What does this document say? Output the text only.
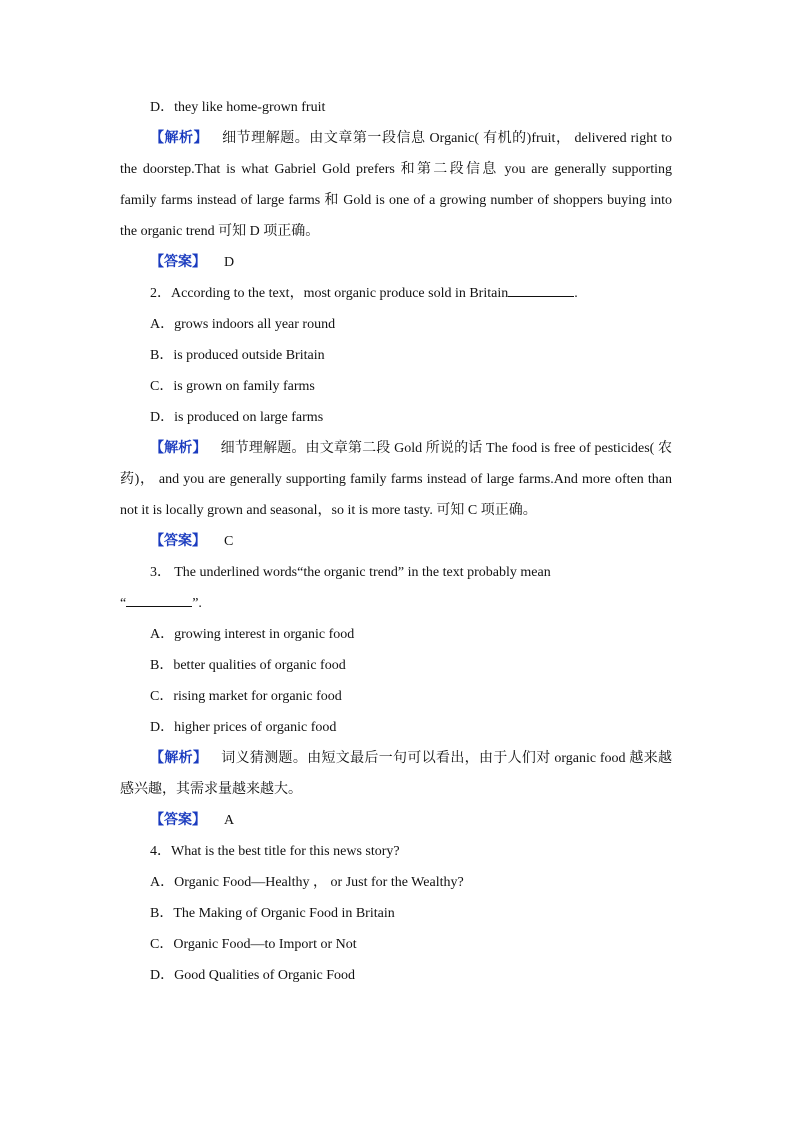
D．they like home-grown fruit
【解析】 细节理解题。由文章第一段信息 Organic( 有机的)fruit， delivered right to the doorstep.That is what Gabriel Gold prefers 和第二段信息 you are generally supporting family farms instead of large farms 和 Gold is one of a growing number of shoppers buying into the organic trend 可知 D 项正确。
【答案】 D
2．According to the text，most organic produce sold in Britain	.
A．grows indoors all year round
B．is produced outside Britain
C．is grown on family farms
D．is produced on large farms
【解析】 细节理解题。由文章第二段 Gold 所说的话 The food is free of pesticides( 农药)， and you are generally supporting family farms instead of large farms.And more often than not it is locally grown and seasonal，so it is more tasty. 可知 C 项正确。
【答案】 C
3． The underlined words“the organic trend” in the text probably mean
“	”.
A．growing interest in organic food
B．better qualities of organic food
C．rising market for organic food
D．higher prices of organic food
【解析】 词义猜测题。由短文最后一句可以看出，由于人们对 organic food 越来越感兴趣，其需求量越来越大。
【答案】 A
4．What is the best title for this news story?
A．Organic Food—Healthy ， or Just for the Wealthy?
B．The Making of Organic Food in Britain
C．Organic Food—to Import or Not
D．Good Qualities of Organic Food
